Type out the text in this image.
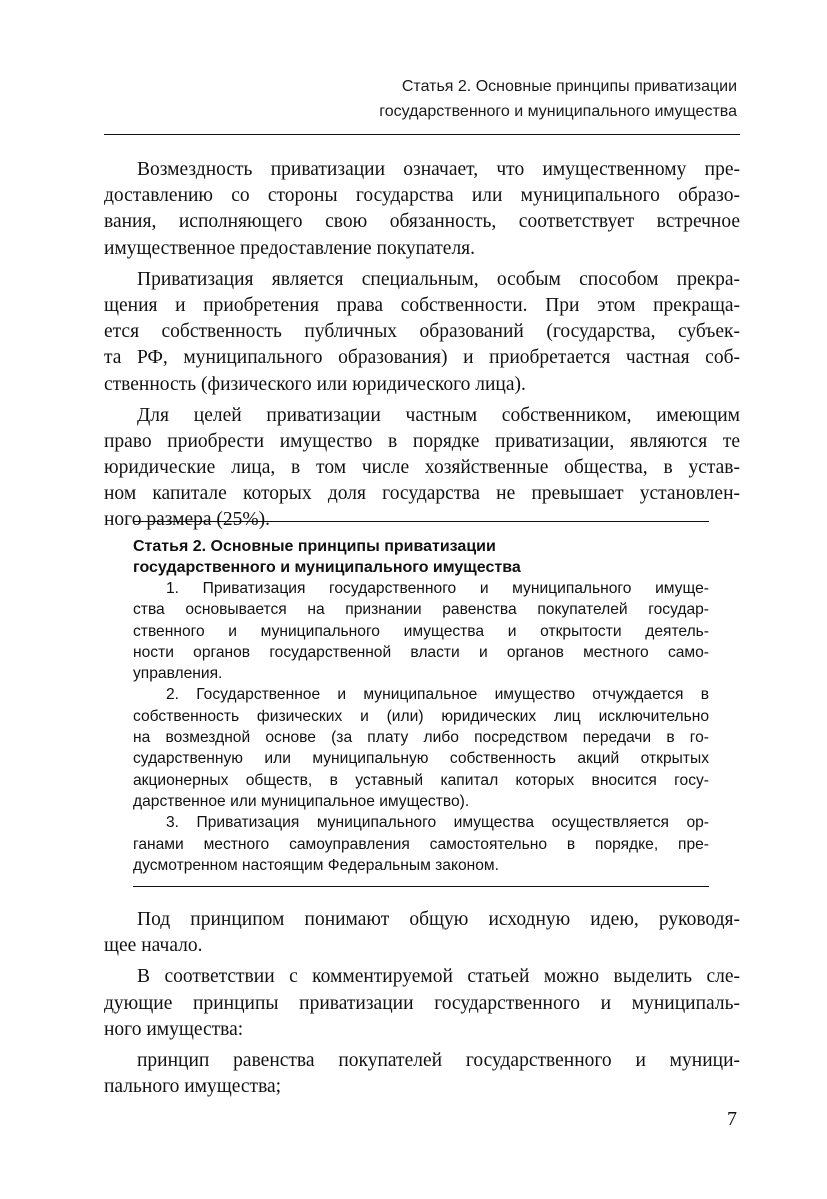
Статья 2. Основные принципы приватизации
государственного и муниципального имущества
Возмездность приватизации означает, что имущественному пре-
доставлению со стороны государства или муниципального образо-
вания, исполняющего свою обязанность, соответствует встречное
имущественное предоставление покупателя.
Приватизация является специальным, особым способом прекра-
щения и приобретения права собственности. При этом прекраща-
ется собственность публичных образований (государства, субъек-
та РФ, муниципального образования) и приобретается частная соб-
ственность (физического или юридического лица).
Для целей приватизации частным собственником, имеющим
право приобрести имущество в порядке приватизации, являются те
юридические лица, в том числе хозяйственные общества, в устав-
ном капитале которых доля государства не превышает установлен-
ного размера (25%).
Статья 2. Основные принципы приватизации
государственного и муниципального имущества
1. Приватизация государственного и муниципального имуще-
ства основывается на признании равенства покупателей государ-
ственного и муниципального имущества и открытости деятель-
ности органов государственной власти и органов местного само-
управления.
2. Государственное и муниципальное имущество отчуждается в
собственность физических и (или) юридических лиц исключительно
на возмездной основе (за плату либо посредством передачи в го-
сударственную или муниципальную собственность акций открытых
акционерных обществ, в уставный капитал которых вносится госу-
дарственное или муниципальное имущество).
3. Приватизация муниципального имущества осуществляется ор-
ганами местного самоуправления самостоятельно в порядке, пре-
дусмотренном настоящим Федеральным законом.
Под принципом понимают общую исходную идею, руководя-
щее начало.
В соответствии с комментируемой статьей можно выделить сле-
дующие принципы приватизации государственного и муниципаль-
ного имущества:
принцип равенства покупателей государственного и муници-
пального имущества;
7
